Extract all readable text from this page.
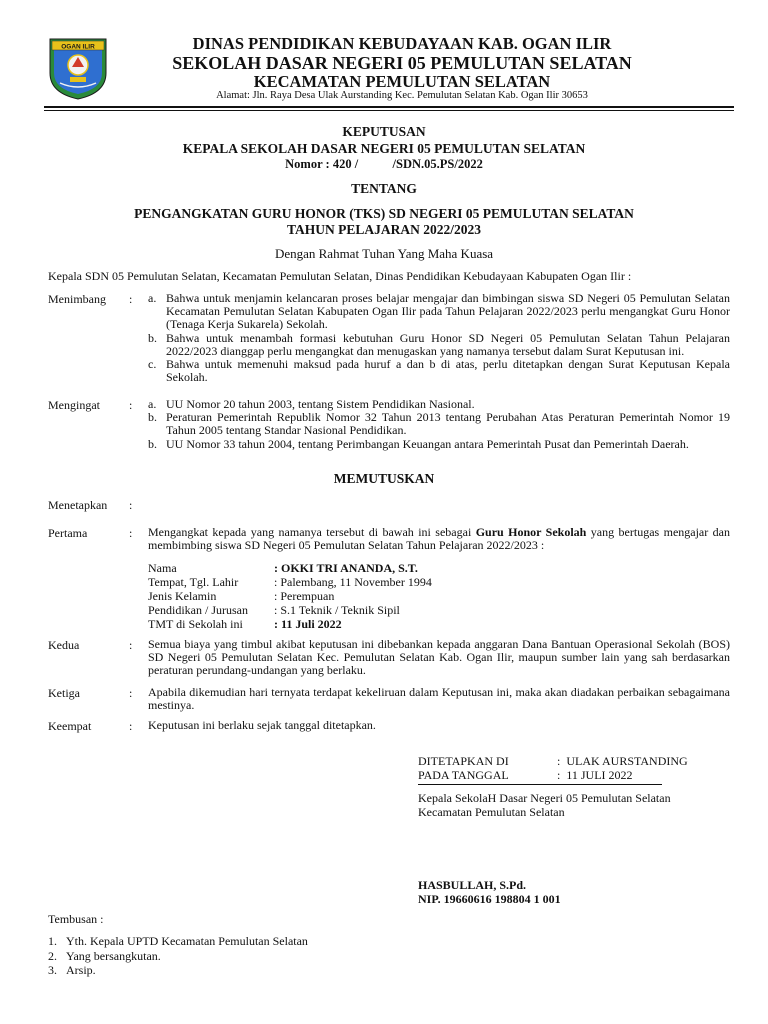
OGAN ILIR	DINAS PENDIDIKAN KEBUDAYAAN KAB. OGAN ILIR
SEKOLAH DASAR NEGERI 05 PEMULUTAN SELATAN
KECAMATAN PEMULUTAN SELATAN
Alamat: Jln. Raya Desa Ulak Aurstanding Kec. Pemulutan Selatan Kab. Ogan Ilir 30653
KEPUTUSAN
KEPALA SEKOLAH DASAR NEGERI 05 PEMULUTAN SELATAN
Nomor : 420 /           /SDN.05.PS/2022
TENTANG
PENGANGKATAN GURU HONOR (TKS) SD NEGERI 05 PEMULUTAN SELATAN
TAHUN PELAJARAN 2022/2023
Dengan Rahmat Tuhan Yang Maha Kuasa
Kepala SDN 05 Pemulutan Selatan, Kecamatan Pemulutan Selatan, Dinas Pendidikan Kebudayaan Kabupaten Ogan Ilir :
Menimbang : a. Bahwa untuk menjamin kelancaran proses belajar mengajar dan bimbingan siswa SD Negeri 05 Pemulutan Selatan Kecamatan Pemulutan Selatan Kabupaten Ogan Ilir pada Tahun Pelajaran 2022/2023 perlu mengangkat Guru Honor (Tenaga Kerja Sukarela) Sekolah.
b. Bahwa untuk menambah formasi kebutuhan Guru Honor SD Negeri 05 Pemulutan Selatan Tahun Pelajaran 2022/2023 dianggap perlu mengangkat dan menugaskan yang namanya tersebut dalam Surat Keputusan ini.
c. Bahwa untuk memenuhi maksud pada huruf a dan b di atas, perlu ditetapkan dengan Surat Keputusan Kepala Sekolah.
Mengingat : a. UU Nomor 20 tahun 2003, tentang Sistem Pendidikan Nasional.
b. Peraturan Pemerintah Republik Nomor 32 Tahun 2013 tentang Perubahan Atas Peraturan Pemerintah Nomor 19 Tahun 2005 tentang Standar Nasional Pendidikan.
b. UU Nomor 33 tahun 2004, tentang Perimbangan Keuangan antara Pemerintah Pusat dan Pemerintah Daerah.
MEMUTUSKAN
Menetapkan :
Pertama	: Mengangkat kepada yang namanya tersebut di bawah ini sebagai Guru Honor Sekolah yang bertugas mengajar dan membimbing siswa SD Negeri 05 Pemulutan Selatan Tahun Pelajaran 2022/2023 :
Nama	: OKKI TRI ANANDA, S.T.
Tempat, Tgl. Lahir	: Palembang, 11 November 1994
Jenis Kelamin	: Perempuan
Pendidikan / Jurusan	: S.1 Teknik / Teknik Sipil
TMT di Sekolah ini	: 11 Juli 2022
Kedua	: Semua biaya yang timbul akibat keputusan ini dibebankan kepada anggaran Dana Bantuan Operasional Sekolah (BOS) SD Negeri 05 Pemulutan Selatan Kec. Pemulutan Selatan Kab. Ogan Ilir, maupun sumber lain yang sah berdasarkan peraturan perundang-undangan yang berlaku.
Ketiga	: Apabila dikemudian hari ternyata terdapat kekeliruan dalam Keputusan ini, maka akan diadakan perbaikan sebagaimana mestinya.
Keempat	: Keputusan ini berlaku sejak tanggal ditetapkan.
DITETAPKAN DI	:  ULAK AURSTANDING
PADA TANGGAL	:  11 JULI 2022
Kepala SekolaH Dasar Negeri 05 Pemulutan Selatan
Kecamatan Pemulutan Selatan
HASBULLAH, S.Pd.
NIP. 19660616 198804 1 001
Tembusan :
1. Yth. Kepala UPTD Kecamatan Pemulutan Selatan
2. Yang bersangkutan.
3. Arsip.
